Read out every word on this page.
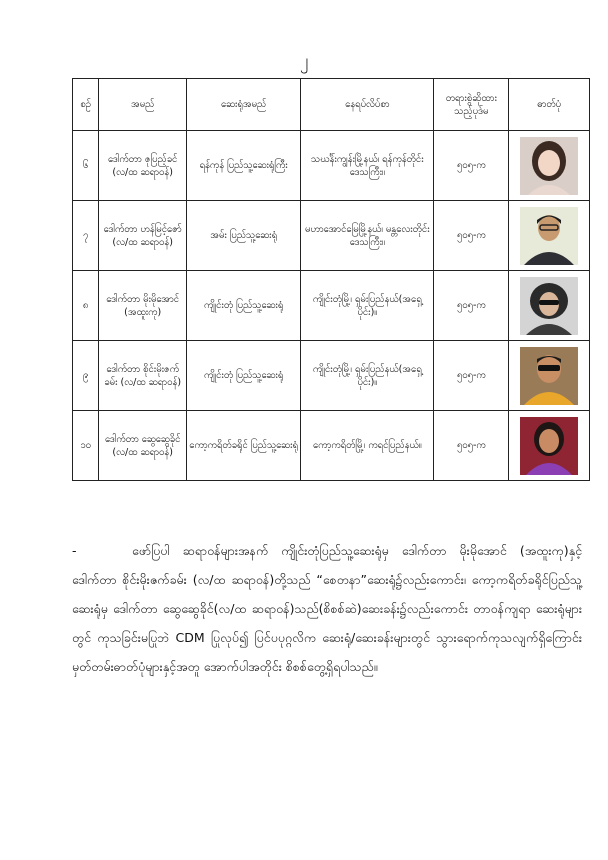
၂
စဉ်	အမည်	ဆေးရုံအမည်	နေရပ်လိပ်စာ	တရားစွဲဆိုထား သည့်ပုဒ်မ	ဓာတ်ပုံ
၆	ဒေါက်တာ ဇုပြည့်ခင် (လ/ထ ဆရာဝန်)	ရန်ကုန် ပြည်သူ့ဆေးရုံကြီး	သဃင်္န်းကျွန်းမြို့နယ်၊ ရန်ကုန်တိုင်းဒေသကြီး။	၅၀၅-က	

၇	ဒေါက်တာ ဟန်မြင့်ဇော် (လ/ထ ဆရာဝန်)	အမ်း ပြည်သူ့ဆေးရုံ	မဟာအောင်မြေမြို့နယ်၊ မန္တလေးတိုင်းဒေသကြီး။	၅၀၅-က	

၈	ဒေါက်တာ မိုးမိုအောင် (အထူးကု)	ကျိုင်းတုံ ပြည်သူ့ဆေးရုံ	ကျိုင်းတုံမြို့၊ ရှမ်းပြည်နယ်(အရှေ့ပိုင်း)။	၅၀၅-က	

၉	ဒေါက်တာ စိုင်းမိုးဇက်ခမ်း (လ/ထ ဆရာဝန်)	ကျိုင်းတုံ ပြည်သူ့ဆေးရုံ	ကျိုင်းတုံမြို့၊ ရှမ်းပြည်နယ်(အရှေ့ပိုင်း)။	၅၀၅-က	

၁၀	ဒေါက်တာ ဆွေဆွေခိုင် (လ/ထ ဆရာဝန်)	ကော့ကရိတ်ခရိုင် ပြည်သူ့ဆေးရုံ	ကော့ကရိတ်မြို့၊ ကရင်ပြည်နယ်။	၅၀၅-က	
-	ဖော်ပြပါ ဆရာဝန်များအနက် ကျိုင်းတုံပြည်သူ့ဆေးရုံမှ ဒေါက်တာ မိုးမိုအောင် (အထူးကု)နှင့် ဒေါက်တာ စိုင်းမိုးဇက်ခမ်း (လ/ထ ဆရာဝန်)တို့သည် “စေတနာ”ဆေးရုံ၌လည်းကောင်း၊ ကော့ကရိတ်ခရိုင်ပြည်သူ့ဆေးရုံမှ ဒေါက်တာ ဆွေဆွေခိုင်(လ/ထ ဆရာဝန်)သည်(စိစစ်ဆဲ)ဆေးခန်း၌လည်းကောင်း တာဝန်ကျရာ ဆေးရုံများတွင် ကုသခြင်းမပြုဘဲ CDM ပြုလုပ်၍ ပြင်ပပုဂ္ဂလိက ဆေးရုံ/ဆေးခန်းများတွင် သွားရောက်ကုသလျက်ရှိကြောင်း မှတ်တမ်းဓာတ်ပုံများနှင့်အတူ အောက်ပါအတိုင်း စိစစ်တွေ့ရှိရပါသည်။
